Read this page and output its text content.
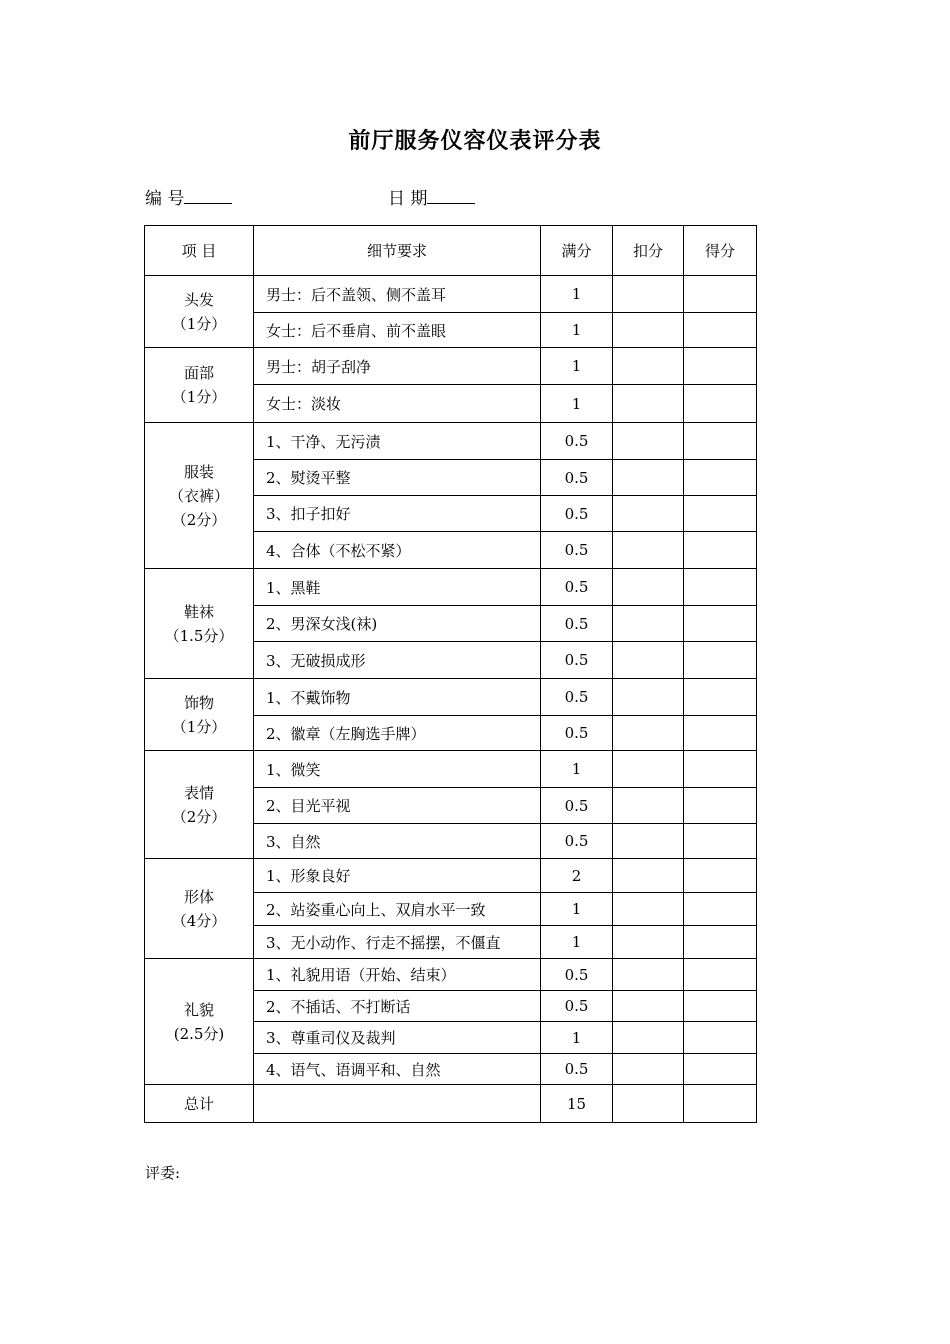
前厅服务仪容仪表评分表
编 号	日 期
项 目	细节要求	满分	扣分	得分

头发
（1分）	男士：后不盖领、侧不盖耳	1		
	女士：后不垂肩、前不盖眼	1		

面部
（1分）	男士：胡子刮净	1		
	女士：淡妆	1		

服装
（衣裤）
（2分）	1、干净、无污渍	0.5		
	2、熨烫平整	0.5		
	3、扣子扣好	0.5		
	4、合体（不松不紧）	0.5		

鞋袜
（1.5分）	1、黑鞋	0.5		
	2、男深女浅(袜)	0.5		
	3、无破损成形	0.5		

饰物
（1分）	1、不戴饰物	0.5		
	2、徽章（左胸选手牌）	0.5		

表情
（2分）	1、微笑	1		
	2、目光平视	0.5		
	3、自然	0.5		

形体
（4分）	1、形象良好	2		
	2、站姿重心向上、双肩水平一致	1		
	3、无小动作、行走不摇摆，不僵直	1		

礼貌
(2.5分)	1、礼貌用语（开始、结束）	0.5		
	2、不插话、不打断话	0.5		
	3、尊重司仪及裁判	1		
	4、语气、语调平和、自然	0.5		
总计		15		
评委:
